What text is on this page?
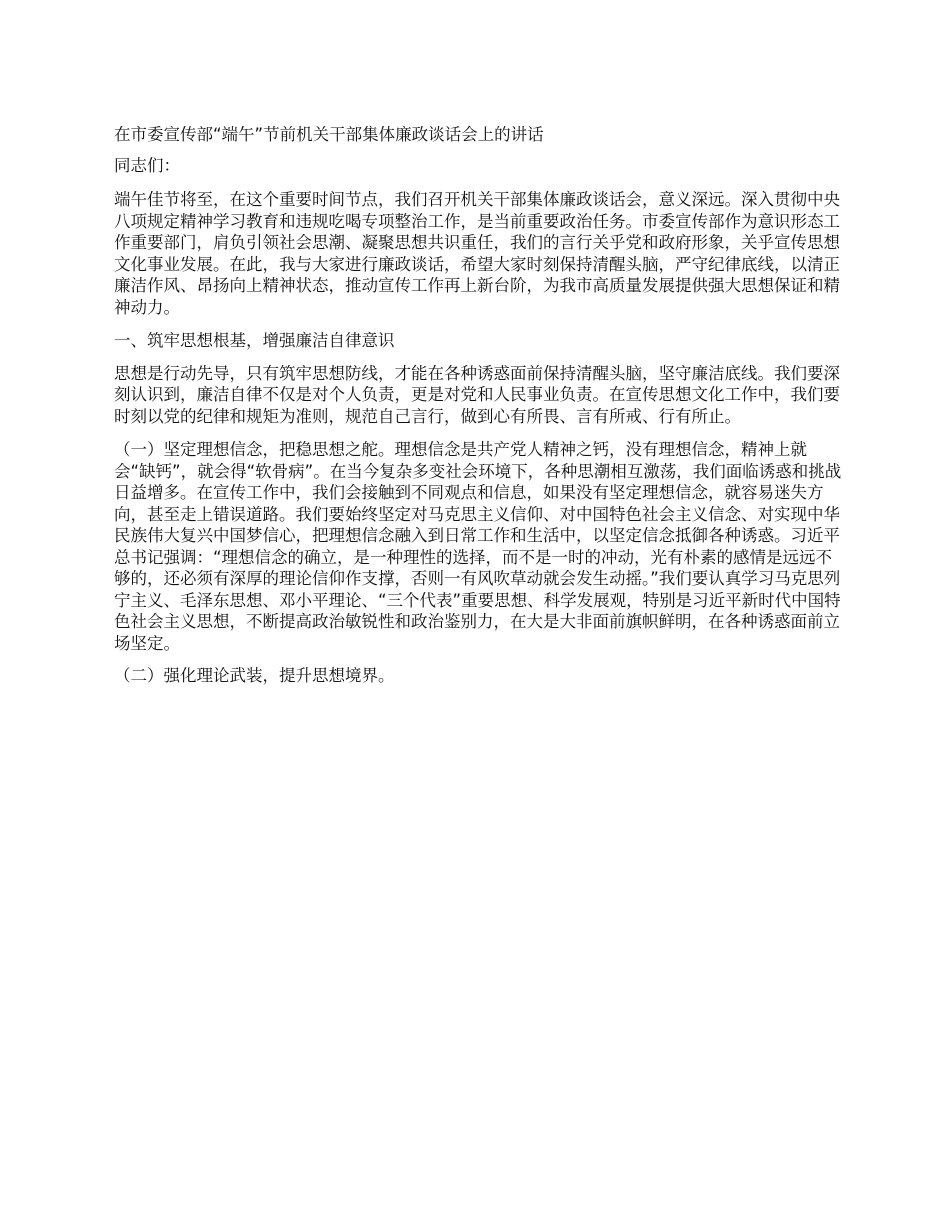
在市委宣传部“端午”节前机关干部集体廉政谈话会上的讲话

同志们：

端午佳节将至，在这个重要时间节点，我们召开机关干部集体廉政谈话会，意义深远。深入贯彻中央八项规定精神学习教育和违规吃喝专项整治工作，是当前重要政治任务。市委宣传部作为意识形态工作重要部门，肩负引领社会思潮、凝聚思想共识重任，我们的言行关乎党和政府形象，关乎宣传思想文化事业发展。在此，我与大家进行廉政谈话，希望大家时刻保持清醒头脑，严守纪律底线，以清正廉洁作风、昂扬向上精神状态，推动宣传工作再上新台阶，为我市高质量发展提供强大思想保证和精神动力。

一、筑牢思想根基，增强廉洁自律意识

思想是行动先导，只有筑牢思想防线，才能在各种诱惑面前保持清醒头脑，坚守廉洁底线。我们要深刻认识到，廉洁自律不仅是对个人负责，更是对党和人民事业负责。在宣传思想文化工作中，我们要时刻以党的纪律和规矩为准则，规范自己言行，做到心有所畏、言有所戒、行有所止。

（一）坚定理想信念，把稳思想之舵。理想信念是共产党人精神之钙，没有理想信念，精神上就会“缺钙”，就会得“软骨病”。在当今复杂多变社会环境下，各种思潮相互激荡，我们面临诱惑和挑战日益增多。在宣传工作中，我们会接触到不同观点和信息，如果没有坚定理想信念，就容易迷失方向，甚至走上错误道路。我们要始终坚定对马克思主义信仰、对中国特色社会主义信念、对实现中华民族伟大复兴中国梦信心，把理想信念融入到日常工作和生活中，以坚定信念抵御各种诱惑。习近平总书记强调：“理想信念的确立，是一种理性的选择，而不是一时的冲动，光有朴素的感情是远远不够的，还必须有深厚的理论信仰作支撑，否则一有风吹草动就会发生动摇。”我们要认真学习马克思列宁主义、毛泽东思想、邓小平理论、“三个代表”重要思想、科学发展观，特别是习近平新时代中国特色社会主义思想，不断提高政治敏锐性和政治鉴别力，在大是大非面前旗帜鲜明，在各种诱惑面前立场坚定。

（二）强化理论武装，提升思想境界。
